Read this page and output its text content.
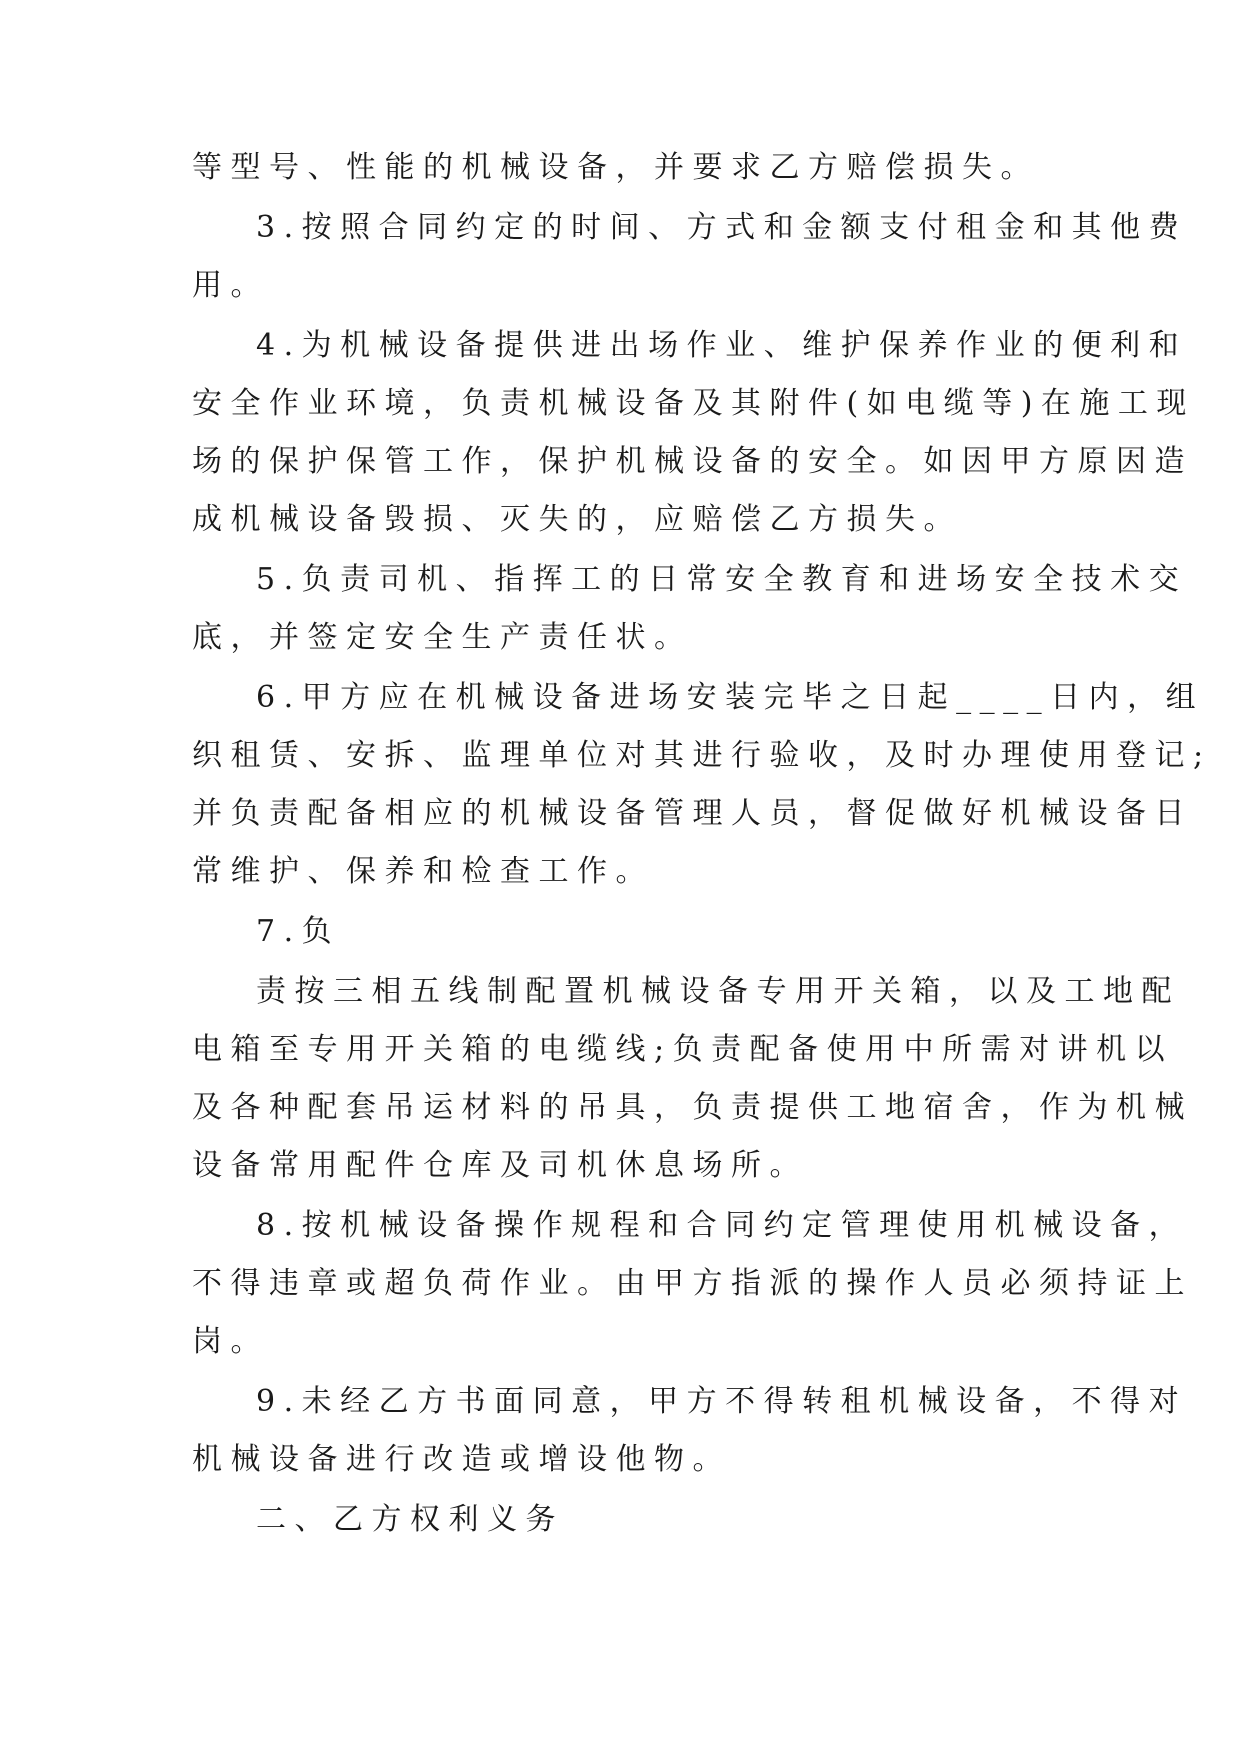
等型号、性能的机械设备，并要求乙方赔偿损失。
3.按照合同约定的时间、方式和金额支付租金和其他费
用。
4.为机械设备提供进出场作业、维护保养作业的便利和
安全作业环境，负责机械设备及其附件(如电缆等)在施工现
场的保护保管工作，保护机械设备的安全。如因甲方原因造
成机械设备毁损、灭失的，应赔偿乙方损失。
5.负责司机、指挥工的日常安全教育和进场安全技术交
底，并签定安全生产责任状。
6.甲方应在机械设备进场安装完毕之日起____日内，组
织租赁、安拆、监理单位对其进行验收，及时办理使用登记;
并负责配备相应的机械设备管理人员，督促做好机械设备日
常维护、保养和检查工作。
7.负
责按三相五线制配置机械设备专用开关箱，以及工地配
电箱至专用开关箱的电缆线;负责配备使用中所需对讲机以
及各种配套吊运材料的吊具，负责提供工地宿舍，作为机械
设备常用配件仓库及司机休息场所。
8.按机械设备操作规程和合同约定管理使用机械设备，
不得违章或超负荷作业。由甲方指派的操作人员必须持证上
岗。
9.未经乙方书面同意，甲方不得转租机械设备，不得对
机械设备进行改造或增设他物。
二、乙方权利义务
